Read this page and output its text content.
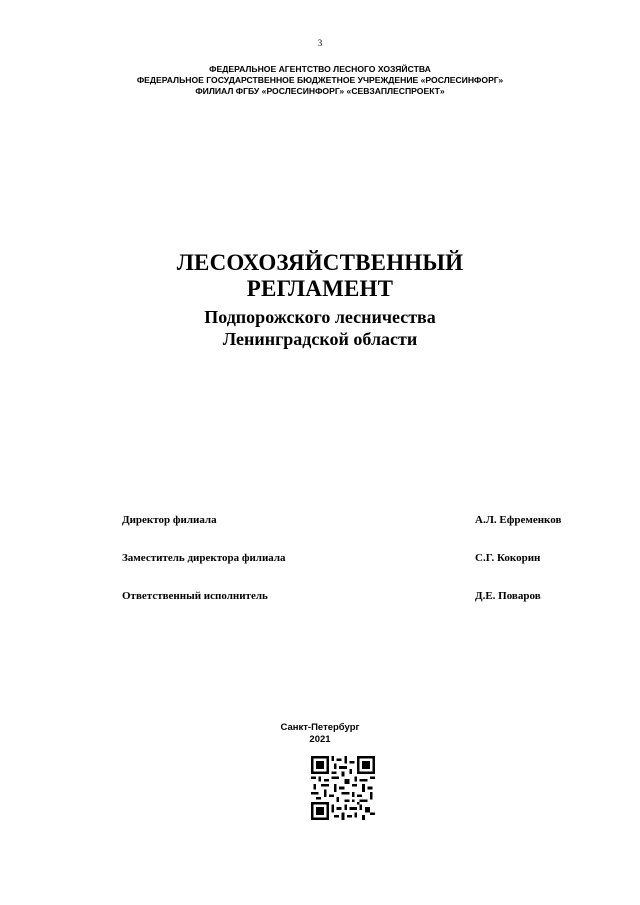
3
ФЕДЕРАЛЬНОЕ АГЕНТСТВО ЛЕСНОГО ХОЗЯЙСТВА
ФЕДЕРАЛЬНОЕ ГОСУДАРСТВЕННОЕ БЮДЖЕТНОЕ УЧРЕЖДЕНИЕ «РОСЛЕСИНФОРГ»
ФИЛИАЛ ФГБУ «РОСЛЕСИНФОРГ» «СЕВЗАПЛЕСПРОЕКТ»
ЛЕСОХОЗЯЙСТВЕННЫЙ
РЕГЛАМЕНТ
Подпорожского лесничества
Ленинградской области
Директор филиала	А.Л. Ефременков
Заместитель директора филиала	С.Г. Кокорин
Ответственный исполнитель	Д.Е. Поваров
Санкт-Петербург
2021
